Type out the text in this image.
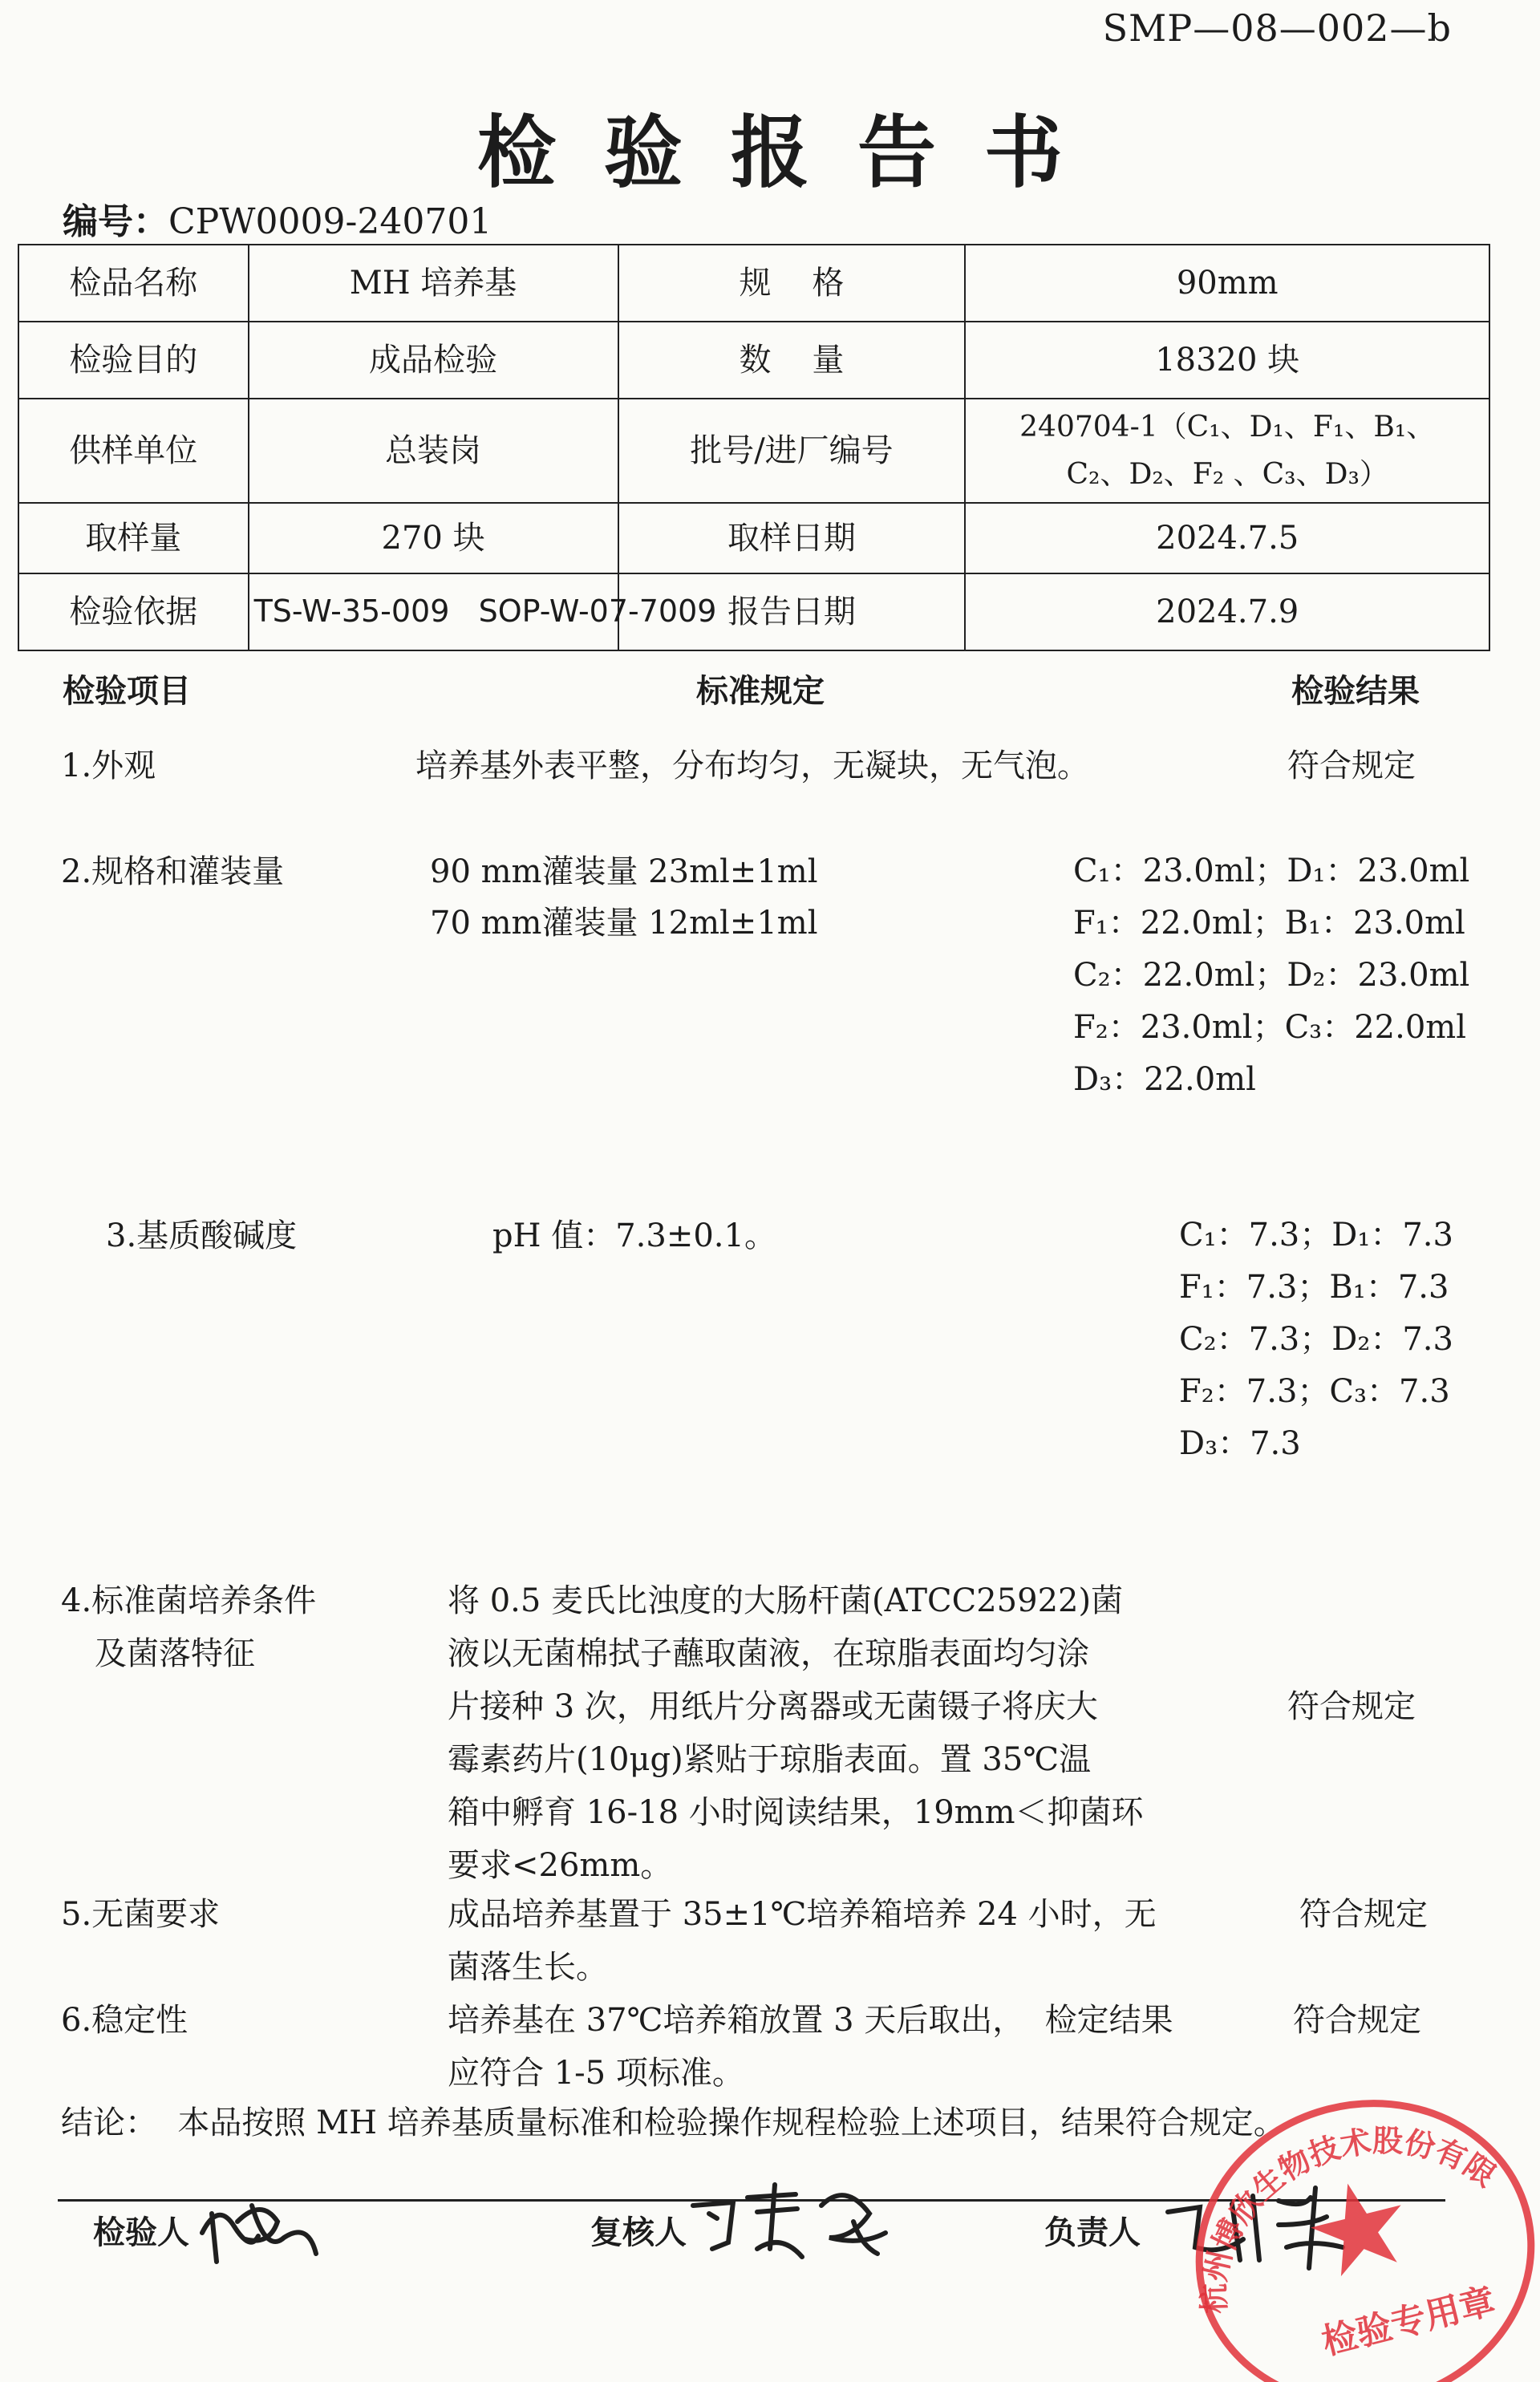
SMP—08—002—b
检验报告书
编号：CPW0009-240701
检品名称	MH 培养基	规    格	90mm
检验目的	成品检验	数    量	18320 块
供样单位	总装岗	批号/进厂编号	240704-1（C₁、D₁、F₁、B₁、
C₂、D₂、F₂ 、C₃、D₃）

取样量	270 块	取样日期	2024.7.5
检验依据	TS-W-35-009   SOP-W-07-7009	报告日期	2024.7.9
检验项目	标准规定	检验结果
1.外观	培养基外表平整，分布均匀，无凝块，无气泡。	符合规定
2.规格和灌装量	90 mm灌装量 23ml±1ml
70 mm灌装量 12ml±1ml
C₁：23.0ml；D₁：23.0ml
F₁：22.0ml；B₁：23.0ml
C₂：22.0ml；D₂：23.0ml
F₂：23.0ml；C₃：22.0ml
D₃：22.0ml
3.基质酸碱度	pH 值：7.3±0.1。	C₁：7.3；D₁：7.3
F₁：7.3；B₁：7.3
C₂：7.3；D₂：7.3
F₂：7.3；C₃：7.3
D₃：7.3
4.标准菌培养条件
及菌落特征
将 0.5 麦氏比浊度的大肠杆菌(ATCC25922)菌
液以无菌棉拭子蘸取菌液，在琼脂表面均匀涂
片接种 3 次，用纸片分离器或无菌镊子将庆大
霉素药片(10μg)紧贴于琼脂表面。置 35℃温
箱中孵育 16-18 小时阅读结果，19mm＜抑菌环
要求<26mm。
符合规定
5.无菌要求	成品培养基置于 35±1℃培养箱培养 24 小时，无
菌落生长。
符合规定
6.稳定性	培养基在 37℃培养箱放置 3 天后取出，  检定结果
应符合 1-5 项标准。
符合规定
结论：  本品按照 MH 培养基质量标准和检验操作规程检验上述项目，结果符合规定。
检验人	复核人	负责人
杭州博欣生物技术股份有限公司
检验专用章
